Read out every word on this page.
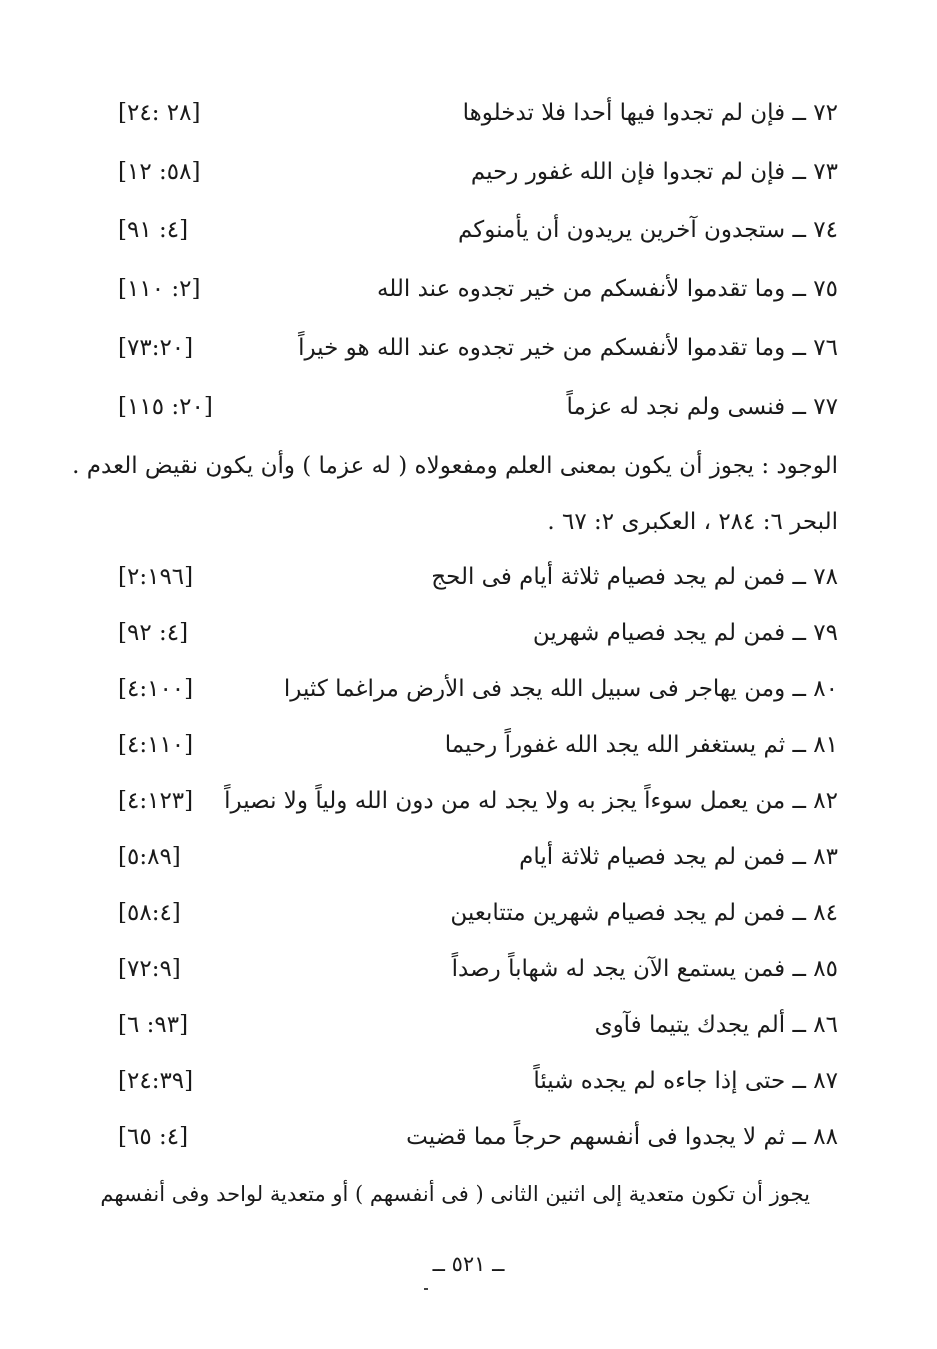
٧٢ ــ فإن لم تجدوا فيها أحدا فلا تدخلوها
[٢٨ :٢٤]
٧٣ ــ فإن لم تجدوا فإن الله غفور رحيم
[٥٨: ١٢]
٧٤ ــ ستجدون آخرين يريدون أن يأمنوكم
[٤: ٩١]
٧٥ ــ وما تقدموا لأنفسكم من خير تجدوه عند الله
[٢: ١١٠]
٧٦ ــ وما تقدموا لأنفسكم من خير تجدوه عند الله هو خيراً
[٧٣:٢٠]
٧٧ ــ فنسى ولم نجد له عزماً
[٢٠: ١١٥]
الوجود : يجوز أن يكون بمعنى العلم ومفعولاه ( له عزما ) وأن يكون نقيض العدم .
البحر ٦: ٢٨٤ ، العكبرى ٢: ٦٧ .
٧٨ ــ فمن لم يجد فصيام ثلاثة أيام فى الحج
[٢:١٩٦]
٧٩ ــ فمن لم يجد فصيام شهرين
[٤: ٩٢]
٨٠ ــ ومن يهاجر فى سبيل الله يجد فى الأرض مراغما كثيرا
[٤:١٠٠]
٨١ ــ ثم يستغفر الله يجد الله غفوراً رحيما
[٤:١١٠]
٨٢ ــ من يعمل سوءاً يجز به ولا يجد له من دون الله ولياً ولا نصيراً
[٤:١٢٣]
٨٣ ــ فمن لم يجد فصيام ثلاثة أيام
[٥:٨٩]
٨٤ ــ فمن لم يجد فصيام شهرين متتابعين
[٥٨:٤]
٨٥ ــ فمن يستمع الآن يجد له شهاباً رصداً
[٧٢:٩]
٨٦ ــ ألم يجدك يتيما فآوى
[٩٣: ٦]
٨٧ ــ حتى إذا جاءه لم يجده شيئاً
[٢٤:٣٩]
٨٨ ــ ثم لا يجدوا فى أنفسهم حرجاً مما قضيت
[٤: ٦٥]
يجوز أن تكون متعدية إلى اثنين الثانى ( فى أنفسهم ) أو متعدية لواحد وفى أنفسهم
ــ ٥٢١ ــ
